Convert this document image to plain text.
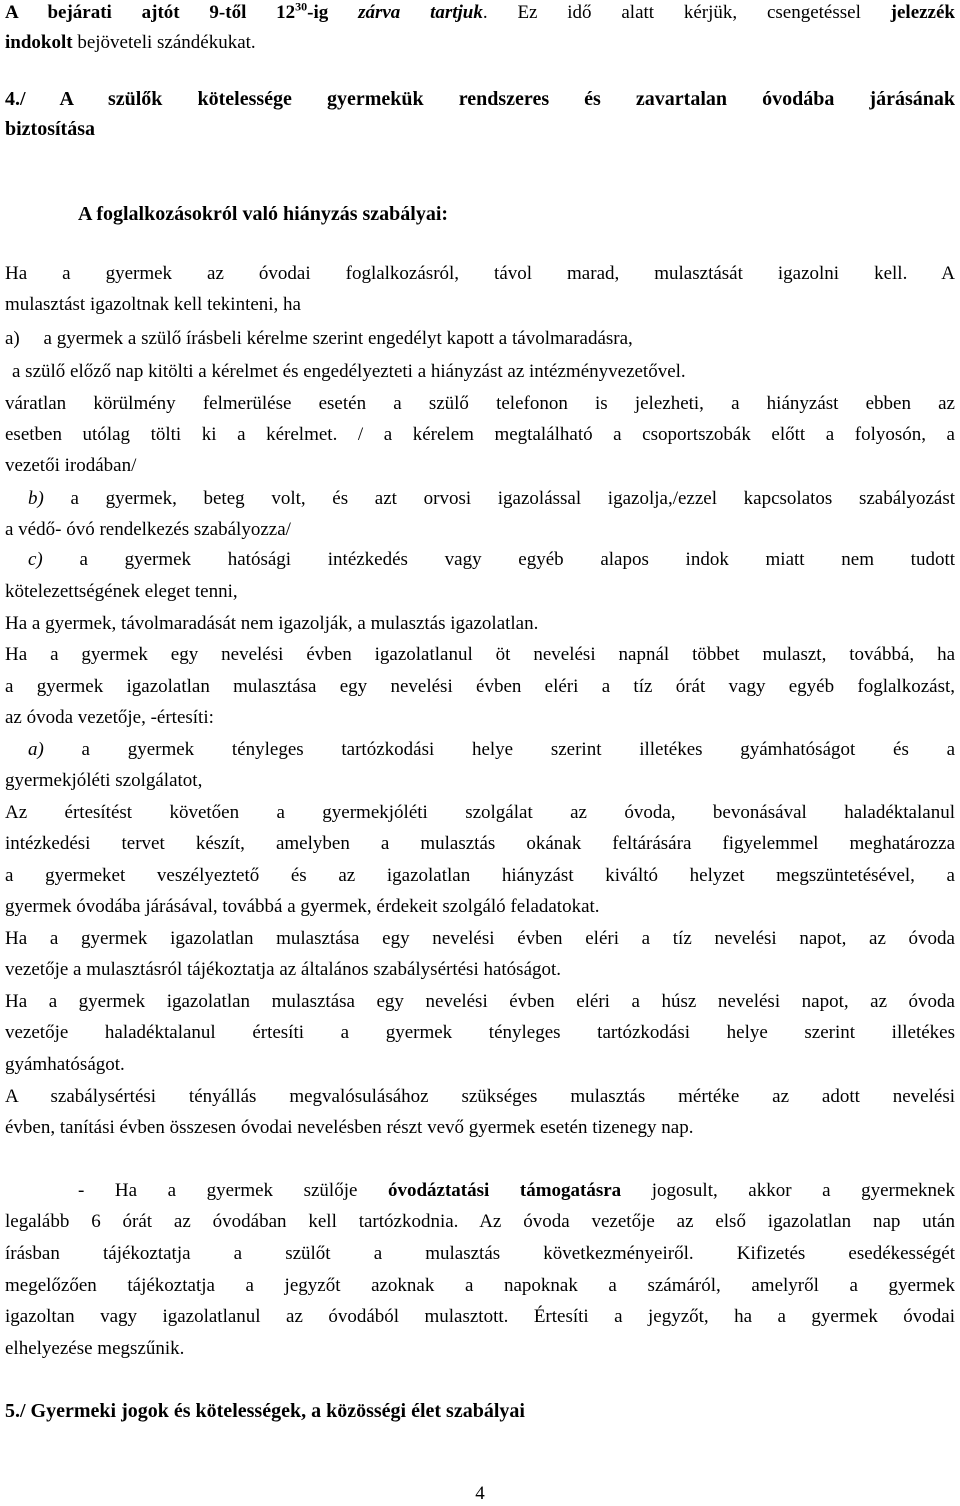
A bejárati ajtót 9-től $12^{30}-ig$ zárva tartjuk. Ez idő alatt kérjük, csengetéssel jelezzék
indokolt bejöveteli szándékukat.
4./ A szülők kötelessége gyermekük rendszeres és zavartalan óvodába járásának
biztosítása
A foglalkozásokról való hiányzás szabályai:
Ha a gyermek az óvodai foglalkozásról, távol marad, mulasztását igazolni kell. A
mulasztást igazoltnak kell tekinteni, ha
a)     a gyermek a szülő írásbeli kérelme szerint engedélyt kapott a távolmaradásra,
a szülő előző nap kitölti a kérelmet és engedélyezteti a hiányzást az intézményvezetővel.
váratlan körülmény felmerülése esetén a szülő telefonon is jelezheti, a hiányzást ebben az
esetben utólag tölti ki a kérelmet. / a kérelem megtalálható a csoportszobák előtt a folyosón, a
vezetői irodában/
b) a gyermek, beteg volt, és azt orvosi igazolással igazolja,/ezzel kapcsolatos szabályozást
a védő- óvó rendelkezés szabályozza/
c) a gyermek hatósági intézkedés vagy egyéb alapos indok miatt nem tudott
kötelezettségének eleget tenni,
Ha a gyermek, távolmaradását nem igazolják, a mulasztás igazolatlan.
Ha a gyermek egy nevelési évben igazolatlanul öt nevelési napnál többet mulaszt, továbbá, ha
a gyermek igazolatlan mulasztása egy nevelési évben eléri a tíz órát vagy egyéb foglalkozást,
az óvoda vezetője, -értesíti:
a) a gyermek tényleges tartózkodási helye szerint illetékes gyámhatóságot és a
gyermekjóléti szolgálatot,
Az értesítést követően a gyermekjóléti szolgálat az óvoda, bevonásával haladéktalanul
intézkedési tervet készít, amelyben a mulasztás okának feltárására figyelemmel meghatározza
a gyermeket veszélyeztető és az igazolatlan hiányzást kiváltó helyzet megszüntetésével, a
gyermek óvodába járásával, továbbá a gyermek, érdekeit szolgáló feladatokat.
Ha a gyermek igazolatlan mulasztása egy nevelési évben eléri a tíz nevelési napot, az óvoda
vezetője a mulasztásról tájékoztatja az általános szabálysértési hatóságot.
Ha a gyermek igazolatlan mulasztása egy nevelési évben eléri a húsz nevelési napot, az óvoda
vezetője haladéktalanul értesíti a gyermek tényleges tartózkodási helye szerint illetékes
gyámhatóságot.
A szabálysértési tényállás megvalósulásához szükséges mulasztás mértéke az adott nevelési
évben, tanítási évben összesen óvodai nevelésben részt vevő gyermek esetén tizenegy nap.
- Ha a gyermek szülője óvodáztatási támogatásra jogosult, akkor a gyermeknek
legalább 6 órát az óvodában kell tartózkodnia. Az óvoda vezetője az első igazolatlan nap után
írásban tájékoztatja a szülőt a mulasztás következményeiről. Kifizetés esedékességét
megelőzően tájékoztatja a jegyzőt azoknak a napoknak a számáról, amelyről a gyermek
igazoltan vagy igazolatlanul az óvodából mulasztott. Értesíti a jegyzőt, ha a gyermek óvodai
elhelyezése megszűnik.
5./ Gyermeki jogok és kötelességek, a közösségi élet szabályai
4
